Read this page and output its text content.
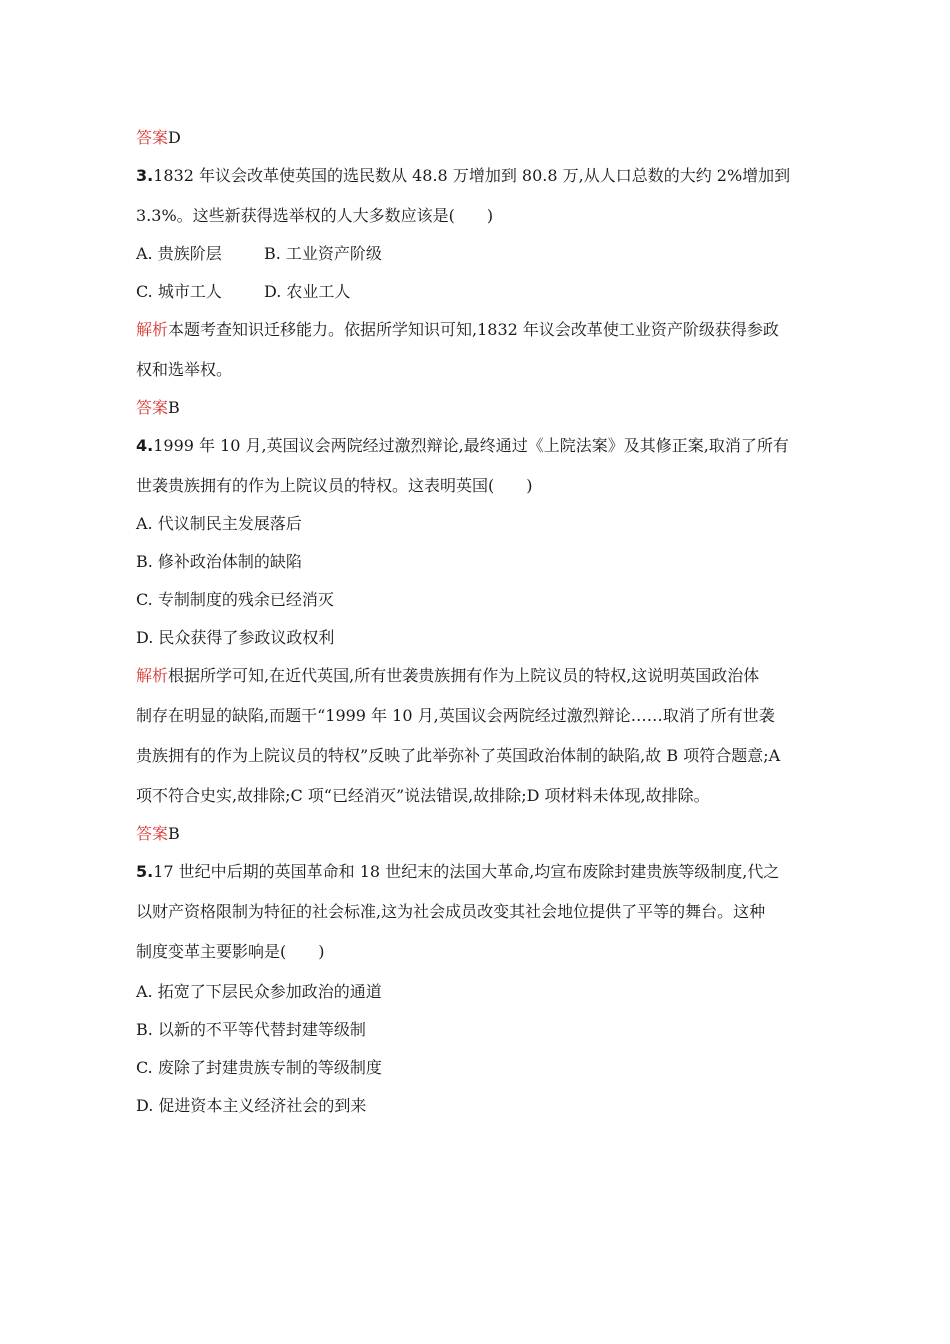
答案D
3.1832 年议会改革使英国的选民数从 48.8 万增加到 80.8 万,从人口总数的大约 2%增加到
3.3%。这些新获得选举权的人大多数应该是(　　)
A. 贵族阶层	B. 工业资产阶级
C. 城市工人	D. 农业工人
解析本题考查知识迁移能力。依据所学知识可知,1832 年议会改革使工业资产阶级获得参政
权和选举权。
答案B
4.1999 年 10 月,英国议会两院经过激烈辩论,最终通过《上院法案》及其修正案,取消了所有
世袭贵族拥有的作为上院议员的特权。这表明英国(　　)
A. 代议制民主发展落后
B. 修补政治体制的缺陷
C. 专制制度的残余已经消灭
D. 民众获得了参政议政权利
解析根据所学可知,在近代英国,所有世袭贵族拥有作为上院议员的特权,这说明英国政治体
制存在明显的缺陷,而题干“1999 年 10 月,英国议会两院经过激烈辩论……取消了所有世袭
贵族拥有的作为上院议员的特权”反映了此举弥补了英国政治体制的缺陷,故 B 项符合题意;A
项不符合史实,故排除;C 项“已经消灭”说法错误,故排除;D 项材料未体现,故排除。
答案B
5.17 世纪中后期的英国革命和 18 世纪末的法国大革命,均宣布废除封建贵族等级制度,代之
以财产资格限制为特征的社会标准,这为社会成员改变其社会地位提供了平等的舞台。这种
制度变革主要影响是(　　)
A. 拓宽了下层民众参加政治的通道
B. 以新的不平等代替封建等级制
C. 废除了封建贵族专制的等级制度
D. 促进资本主义经济社会的到来
